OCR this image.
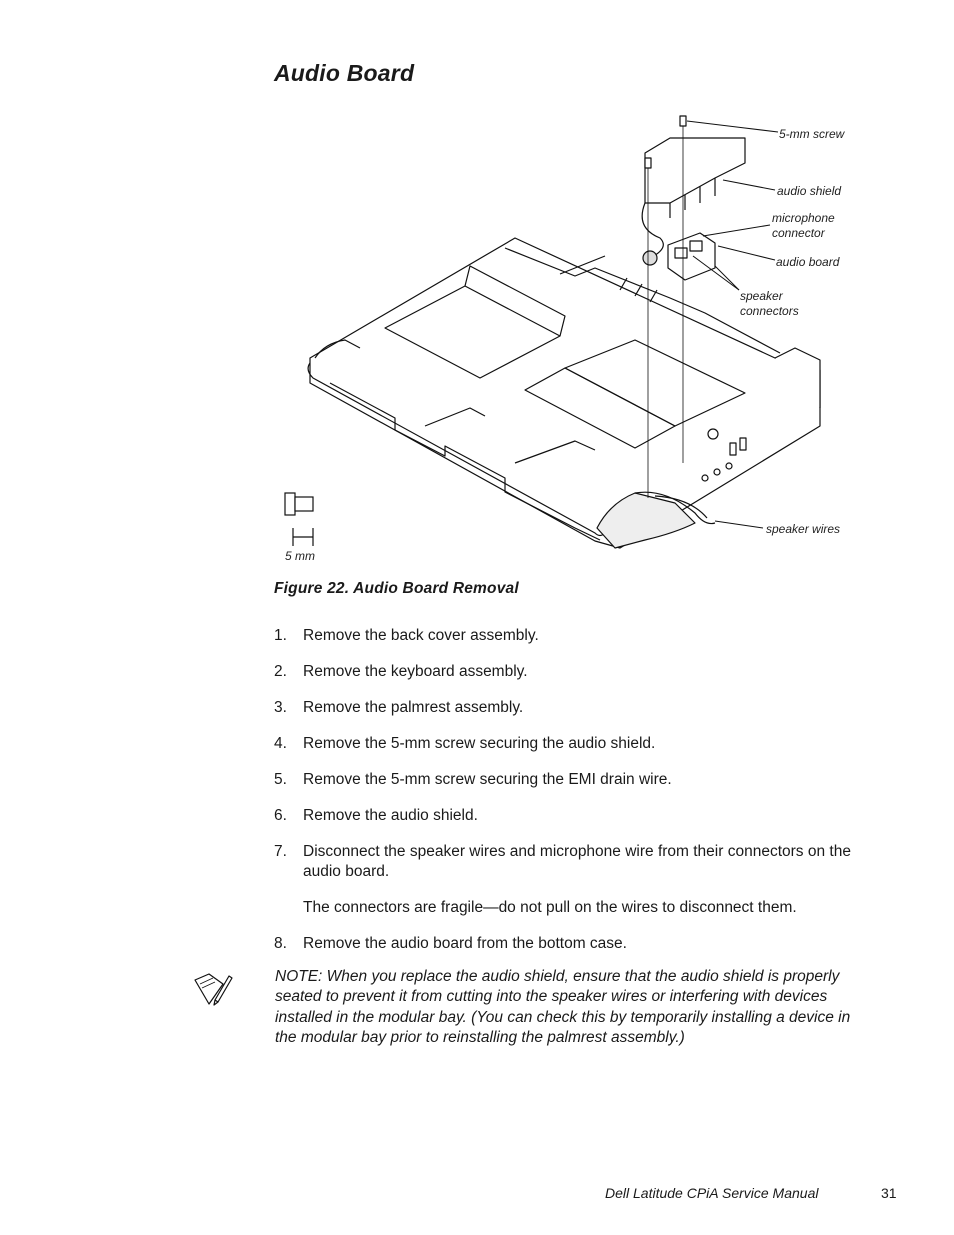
Audio Board
5-mm screw
audio shield
microphone
connector
audio board
speaker
connectors
speaker wires
5 mm
Figure 22. Audio Board Removal
1. Remove the back cover assembly.
2. Remove the keyboard assembly.
3. Remove the palmrest assembly.
4. Remove the 5-mm screw securing the audio shield.
5. Remove the 5-mm screw securing the EMI drain wire.
6. Remove the audio shield.
7. Disconnect the speaker wires and microphone wire from their connectors on the audio board.
The connectors are fragile—do not pull on the wires to disconnect them.
8. Remove the audio board from the bottom case.
NOTE: When you replace the audio shield, ensure that the audio shield is properly seated to prevent it from cutting into the speaker wires or interfering with devices installed in the modular bay. (You can check this by temporarily installing a device in the modular bay prior to reinstalling the palmrest assembly.)
Dell Latitude CPiA Service Manual	31
